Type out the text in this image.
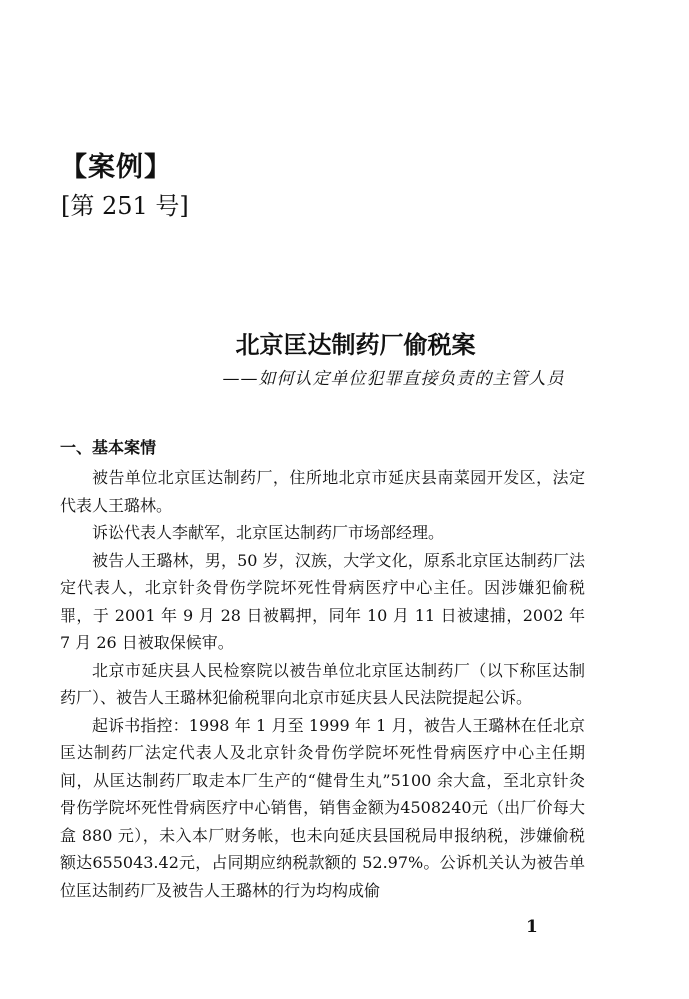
【案例】
[第 251 号]
北京匡达制药厂偷税案
——如何认定单位犯罪直接负责的主管人员
一、基本案情

被告单位北京匡达制药厂，住所地北京市延庆县南菜园开发区，法定代表人王璐林。

诉讼代表人李献军，北京匡达制药厂市场部经理。

被告人王璐林，男，50 岁，汉族，大学文化，原系北京匡达制药厂法定代表人，北京针灸骨伤学院坏死性骨病医疗中心主任。因涉嫌犯偷税罪，于 2001 年 9 月 28 日被羁押，同年 10 月 11 日被逮捕，2002 年 7 月 26 日被取保候审。

北京市延庆县人民检察院以被告单位北京匡达制药厂（以下称匡达制药厂）、被告人王璐林犯偷税罪向北京市延庆县人民法院提起公诉。

起诉书指控：1998 年 1 月至 1999 年 1 月，被告人王璐林在任北京匡达制药厂法定代表人及北京针灸骨伤学院坏死性骨病医疗中心主任期间，从匡达制药厂取走本厂生产的“健骨生丸”5100 余大盒，至北京针灸骨伤学院坏死性骨病医疗中心销售，销售金额为4508240元（出厂价每大盒 880 元），未入本厂财务帐，也未向延庆县国税局申报纳税，涉嫌偷税额达655043.42元，占同期应纳税款额的 52.97%。公诉机关认为被告单位匡达制药厂及被告人王璐林的行为均构成偷

1
